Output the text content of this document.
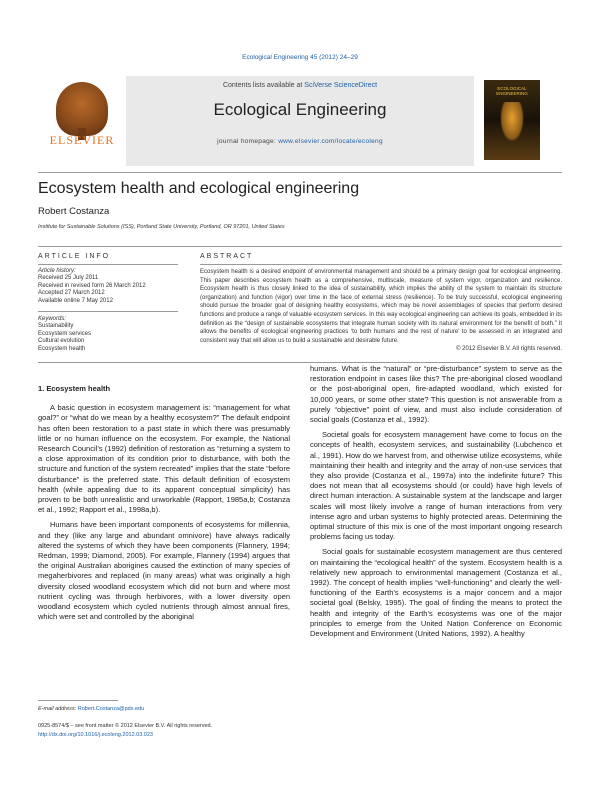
Ecological Engineering 45 (2012) 24–29
ELSEVIER
Contents lists available at SciVerse ScienceDirect
Ecological Engineering
journal homepage: www.elsevier.com/locate/ecoleng
ECOLOGICAL ENGINEERING
Ecosystem health and ecological engineering
Robert Costanza
Institute for Sustainable Solutions (ISS), Portland State University, Portland, OR 97201, United States
ARTICLE INFO	ABSTRACT
Article history:
Received 25 July 2011
Received in revised form 26 March 2012
Accepted 27 March 2012
Available online 7 May 2012
Keywords:
Sustainability
Ecosystem services
Cultural evolution
Ecosystem health
Ecosystem health is a desired endpoint of environmental management and should be a primary design goal for ecological engineering. This paper describes ecosystem health as a comprehensive, multiscale, measure of system vigor, organization and resilience. Ecosystem health is thus closely linked to the idea of sustainability, which implies the ability of the system to maintain its structure (organization) and function (vigor) over time in the face of external stress (resilience). To be truly successful, ecological engineering should pursue the broader goal of designing healthy ecosystems, which may be novel assemblages of species that perform desired functions and produce a range of valuable ecosystem services. In this way ecological engineering can achieve its goals, embedded in its definition as the “design of sustainable ecosystems that integrate human society with its natural environment for the benefit of both.” It allows the benefits of ecological engineering practices ‘to both humans and the rest of nature’ to be assessed in an integrated and consistent way that will allow us to build a sustainable and desirable future.
© 2012 Elsevier B.V. All rights reserved.

1. Ecosystem health

A basic question in ecosystem management is: “management for what goal?” or “what do we mean by a healthy ecosystem?” The default endpoint has often been restoration to a past state in which there was presumably little or no human influence on the ecosystem. For example, the National Research Council’s (1992) definition of restoration as “returning a system to a close approximation of its condition prior to disturbance, with both the structure and function of the system recreated” implies that the state “before disturbance” is the preferred state. This default definition of ecosystem health (while appealing due to its apparent conceptual simplicity) has proven to be both unrealistic and unworkable (Rapport, 1985a,b; Costanza et al., 1992; Rapport et al., 1998a,b).

Humans have been important components of ecosystems for millennia, and they (like any large and abundant omnivore) have always radically altered the systems of which they have been components (Flannery, 1994; Redman, 1999; Diamond, 2005). For example, Flannery (1994) argues that the original Australian aborigines caused the extinction of many species of megaherbivores and replaced (in many areas) what was originally a high diversity closed woodland ecosystem which did not burn and where most nutrient cycling was through herbivores, with a lower diversity open woodland ecosystem which cycled nutrients through almost annual fires, which were set and controlled by the aboriginal

humans. What is the “natural” or “pre-disturbance” system to serve as the restoration endpoint in cases like this? The pre-aboriginal closed woodland or the post-aboriginal open, fire-adapted woodland, which existed for 10,000 years, or some other state? This question is not answerable from a purely “objective” point of view, and must also include consideration of social goals (Costanza et al., 1992).

Societal goals for ecosystem management have come to focus on the concepts of health, ecosystem services, and sustainability (Lubchenco et al., 1991). How do we harvest from, and otherwise utilize ecosystems, while maintaining their health and integrity and the array of non-use services that they also provide (Costanza et al., 1997a) into the indefinite future? This does not mean that all ecosystems should (or could) have high levels of direct human interaction. A sustainable system at the landscape and larger scales will most likely involve a range of human interactions from very intense agro and urban systems to highly protected areas. Determining the optimal structure of this mix is one of the most important ongoing research problems facing us today.

Social goals for sustainable ecosystem management are thus centered on maintaining the “ecological health” of the system. Ecosystem health is a relatively new approach to environmental management (Costanza et al., 1992). The concept of health implies “well-functioning” and clearly the well-functioning of the Earth’s ecosystems is a major concern and a major societal goal (Belsky, 1995). The goal of finding the means to protect the health and integrity of the Earth’s ecosystems was one of the major principles to emerge from the United Nation Conference on Economic Development and Environment (United Nations, 1992). A healthy

E-mail address: Robert.Costanza@pdx.edu
0925-8574/$ – see front matter © 2012 Elsevier B.V. All rights reserved.
http://dx.doi.org/10.1016/j.ecoleng.2012.03.023
